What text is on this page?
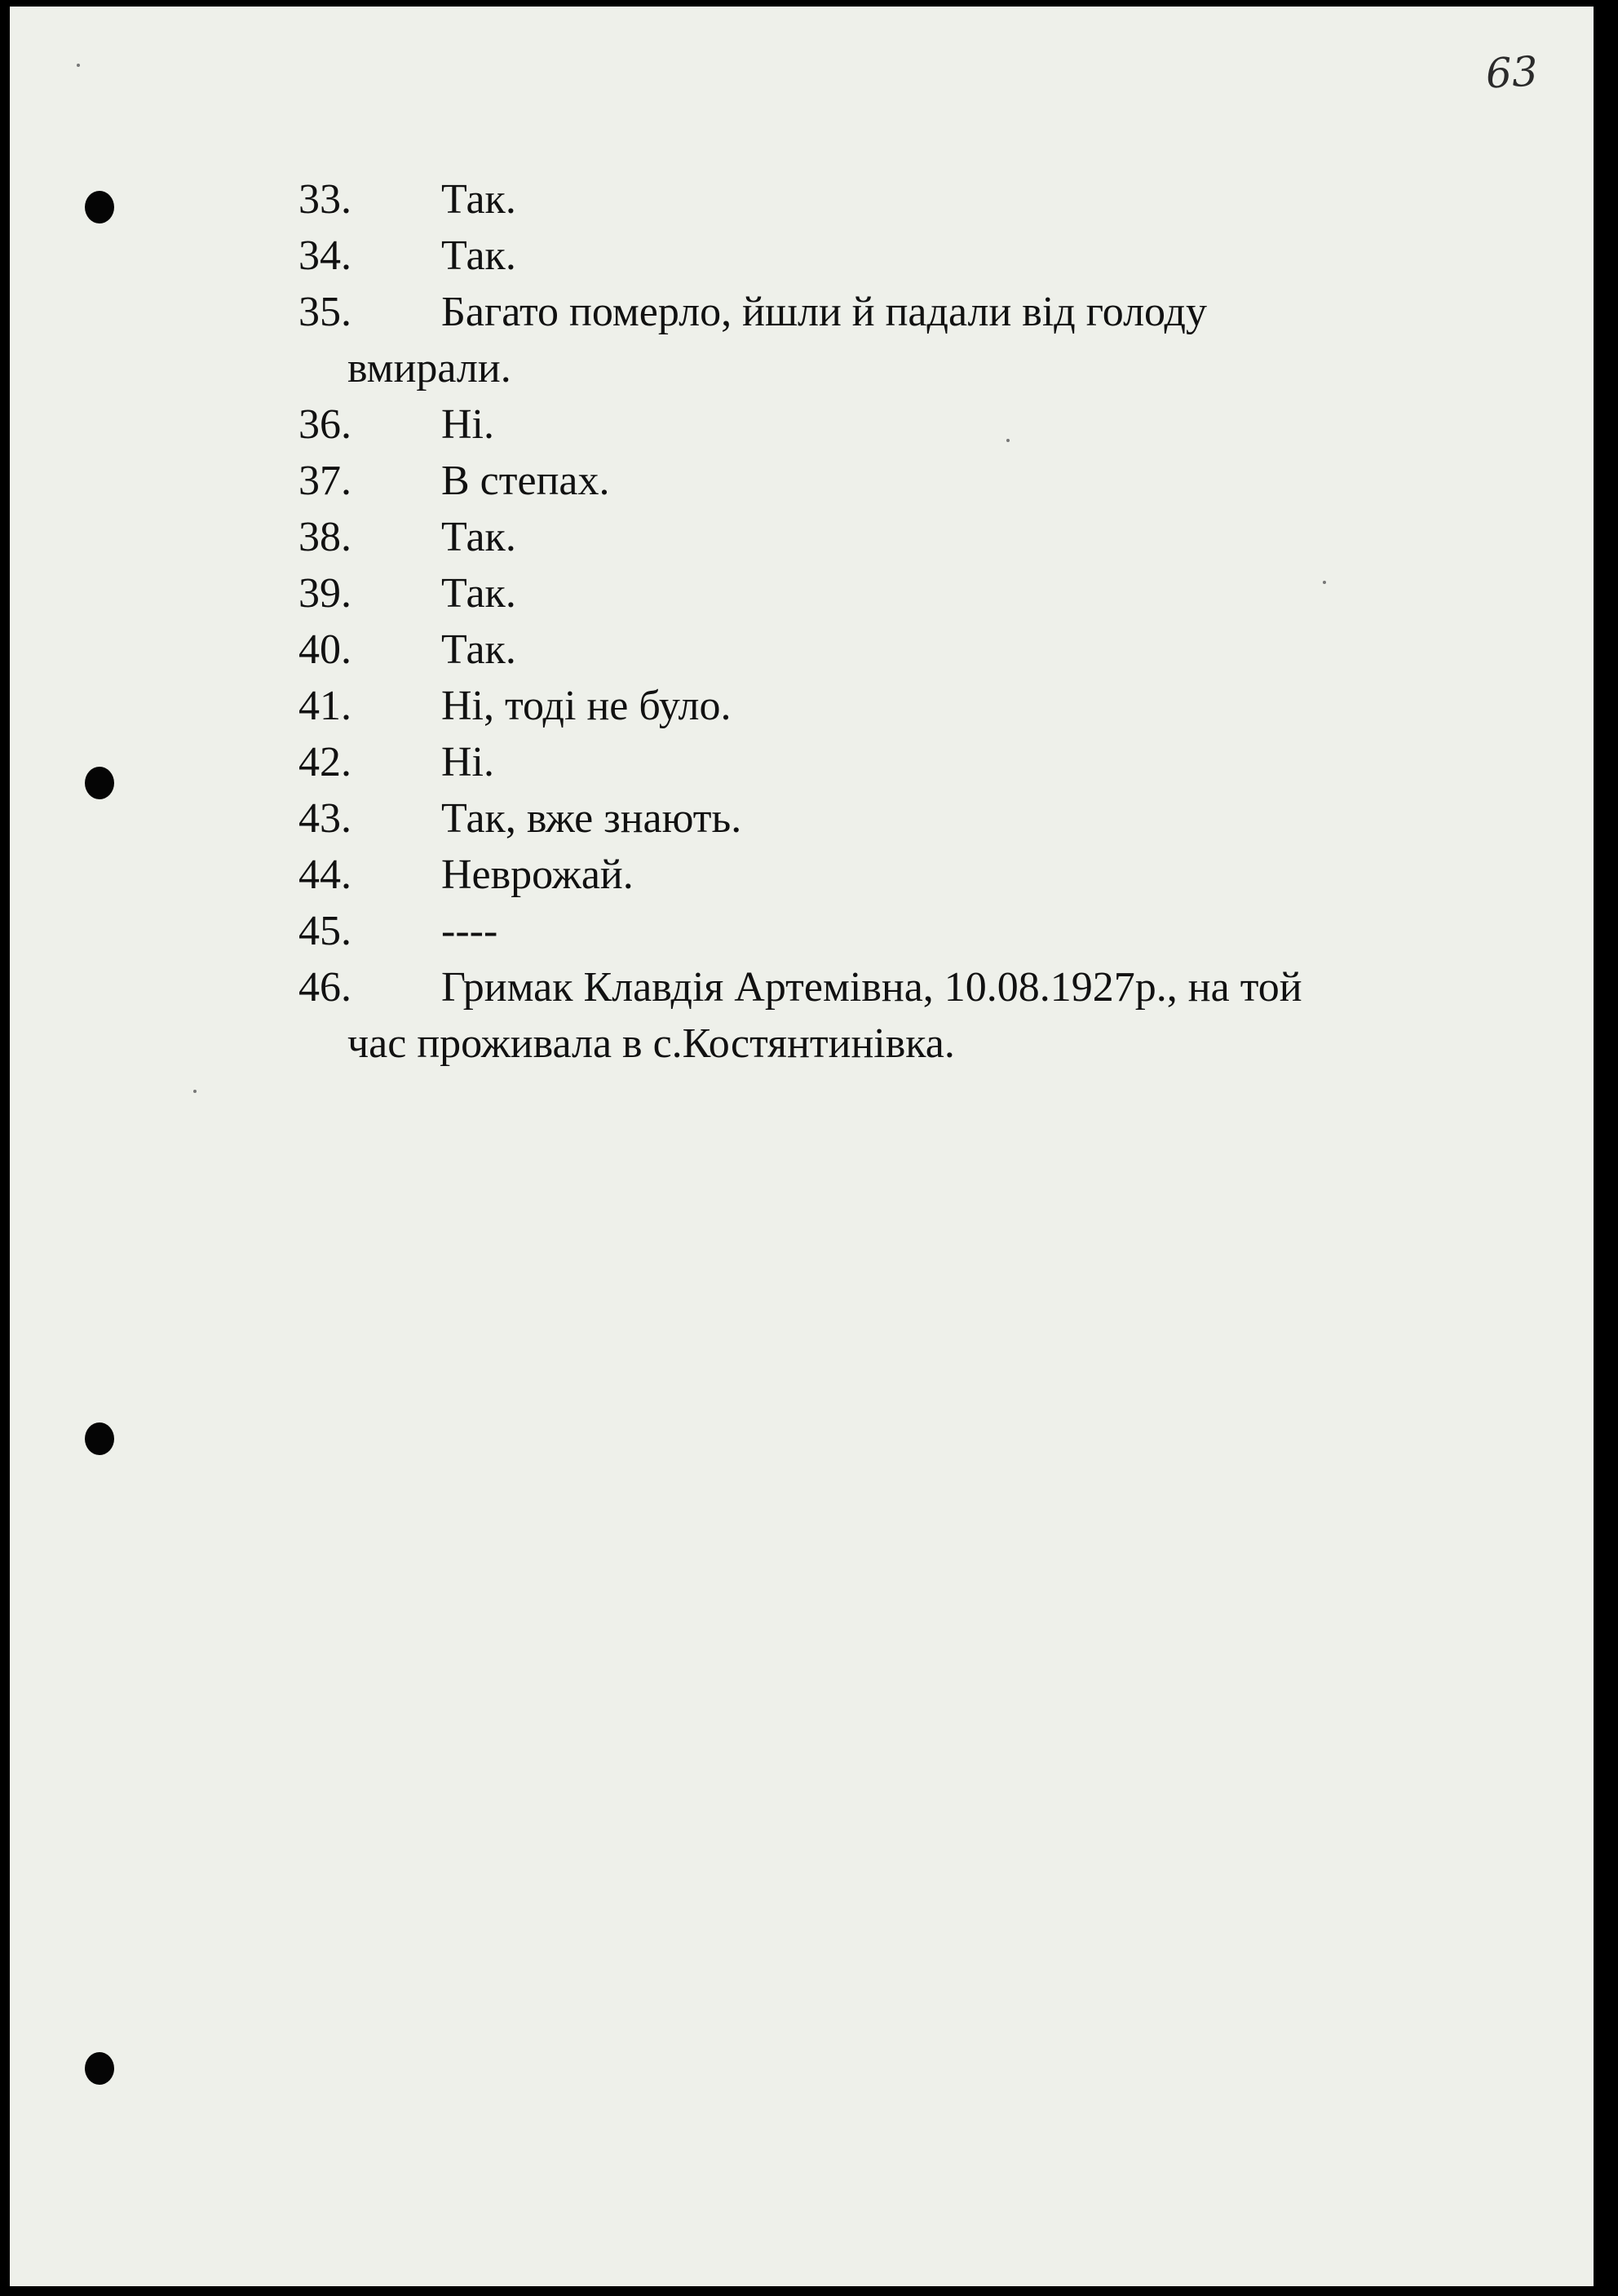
63
33. Так.
34. Так.
35. Багато померло, йшли й падали від голоду
вмирали.
36. Ні.
37. В степах.
38. Так.
39. Так.
40. Так.
41. Ні, тоді не було.
42. Ні.
43. Так, вже знають.
44. Неврожай.
45. ----
46. Гримак Клавдія Артемівна, 10.08.1927р., на той
час проживала в с.Костянтинівка.
